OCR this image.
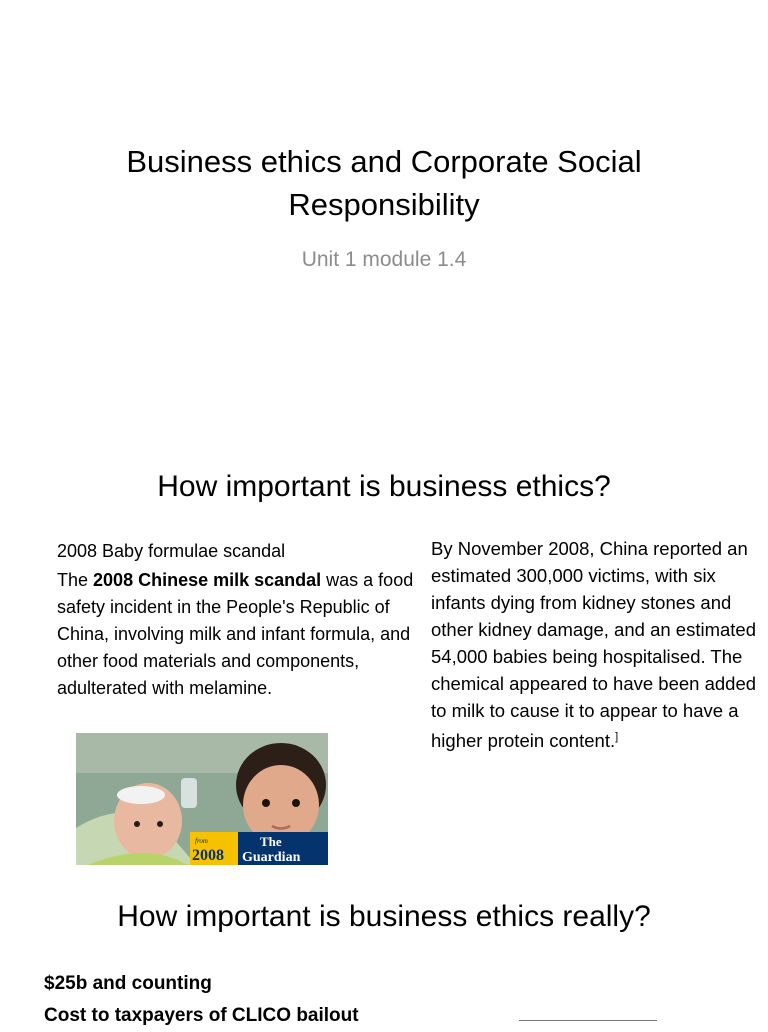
Business ethics and Corporate Social Responsibility
Unit 1 module 1.4
How important is business ethics?
2008 Baby formulae scandal
The 2008 Chinese milk scandal was a food safety incident in the People's Republic of China, involving milk and infant formula, and other food materials and components, adulterated with melamine.
from
2008
The
Guardian
By November 2008, China reported an estimated 300,000 victims, with six infants dying from kidney stones and other kidney damage, and an estimated 54,000 babies being hospitalised. The chemical appeared to have been added to milk to cause it to appear to have a higher protein content.]
How important is business ethics really?
$25b and counting
Cost to taxpayers of CLICO bailout
